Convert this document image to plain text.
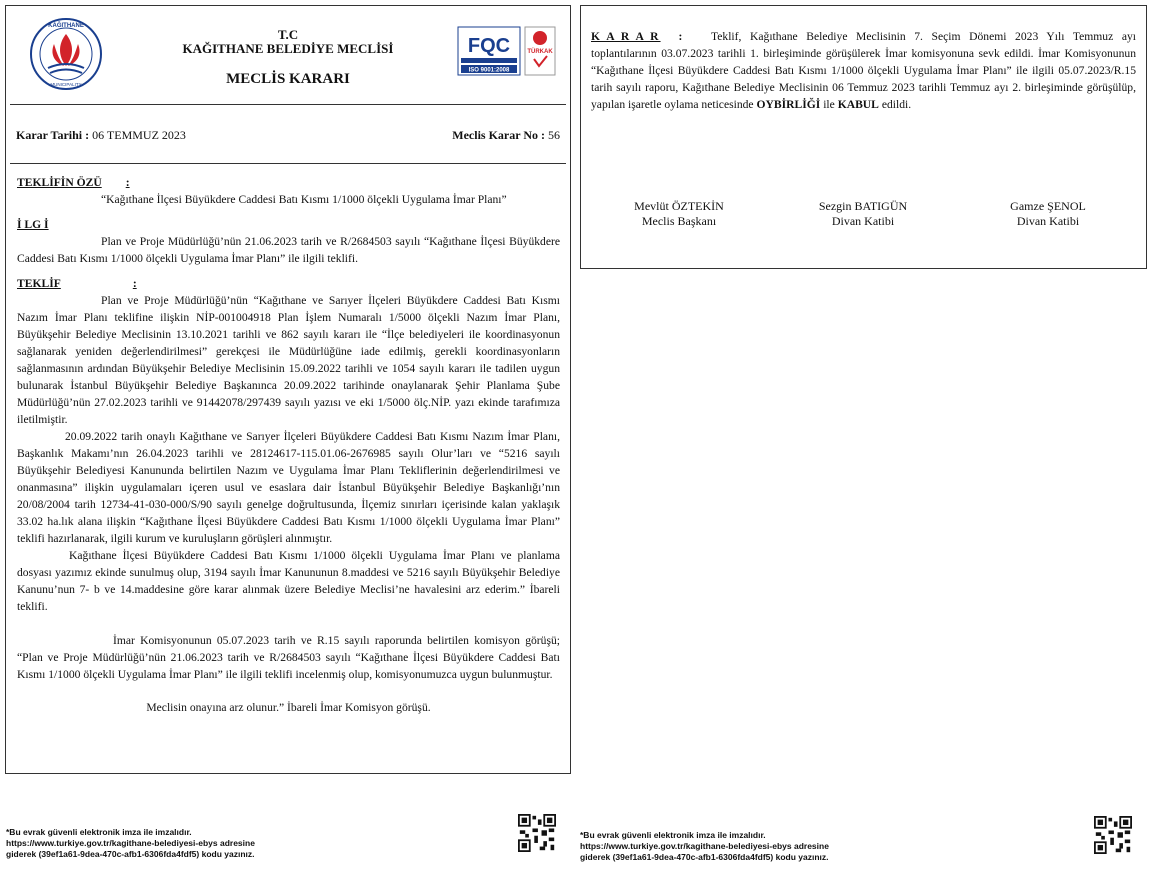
KAĞITHANE
MUNICIPALITY
T.C
KAĞITHANE BELEDİYE MECLİSİ
MECLİS KARARI
FQC
ISO 9001:2008
TÜRKAK
Karar Tarihi : 06 TEMMUZ 2023	Meclis Karar No : 56
TEKLİFİN ÖZÜ :

“Kağıthane İlçesi Büyükdere Caddesi Batı Kısmı 1/1000 ölçekli Uygulama İmar Planı”

İ LG İ

Plan ve Proje Müdürlüğü’nün 21.06.2023 tarih ve R/2684503 sayılı “Kağıthane İlçesi Büyükdere Caddesi Batı Kısmı 1/1000 ölçekli Uygulama İmar Planı” ile ilgili teklifi.

TEKLİF	:

Plan ve Proje Müdürlüğü’nün “Kağıthane ve Sarıyer İlçeleri Büyükdere Caddesi Batı Kısmı Nazım İmar Planı teklifine ilişkin NİP-001004918 Plan İşlem Numaralı 1/5000 ölçekli Nazım İmar Planı, Büyükşehir Belediye Meclisinin 13.10.2021 tarihli ve 862 sayılı kararı ile “İlçe belediyeleri ile koordinasyonun sağlanarak yeniden değerlendirilmesi” gerekçesi ile Müdürlüğüne iade edilmiş, gerekli koordinasyonların sağlanmasının ardından Büyükşehir Belediye Meclisinin 15.09.2022 tarihli ve 1054 sayılı kararı ile tadilen uygun bulunarak İstanbul Büyükşehir Belediye Başkanınca 20.09.2022 tarihinde onaylanarak Şehir Planlama Şube Müdürlüğü’nün 27.02.2023 tarihli ve 91442078/297439 sayılı yazısı ve eki 1/5000 ölç.NİP. yazı ekinde tarafımıza iletilmiştir.

20.09.2022 tarih onaylı Kağıthane ve Sarıyer İlçeleri Büyükdere Caddesi Batı Kısmı Nazım İmar Planı, Başkanlık Makamı’nın 26.04.2023 tarihli ve 28124617-115.01.06-2676985 sayılı Olur’ları ve “5216 sayılı Büyükşehir Belediyesi Kanununda belirtilen Nazım ve Uygulama İmar Planı Tekliflerinin değerlendirilmesi ve onanmasına” ilişkin uygulamaları içeren usul ve esaslara dair İstanbul Büyükşehir Belediye Başkanlığı’nın 20/08/2004 tarih 12734-41-030-000/S/90 sayılı genelge doğrultusunda, İlçemiz sınırları içerisinde kalan yaklaşık 33.02 ha.lık alana ilişkin “Kağıthane İlçesi Büyükdere Caddesi Batı Kısmı 1/1000 ölçekli Uygulama İmar Planı” teklifi hazırlanarak, ilgili kurum ve kuruluşların görüşleri alınmıştır.

Kağıthane İlçesi Büyükdere Caddesi Batı Kısmı 1/1000 ölçekli Uygulama İmar Planı ve planlama dosyası yazımız ekinde sunulmuş olup, 3194 sayılı İmar Kanununun 8.maddesi ve 5216 sayılı Büyükşehir Belediye Kanunu’nun 7- b ve 14.maddesine göre karar alınmak üzere Belediye Meclisi’ne havalesini arz ederim.” İbareli teklifi.

İmar Komisyonunun 05.07.2023 tarih ve R.15 sayılı raporunda belirtilen komisyon görüşü; “Plan ve Proje Müdürlüğü’nün 21.06.2023 tarih ve R/2684503 sayılı “Kağıthane İlçesi Büyükdere Caddesi Batı Kısmı 1/1000 ölçekli Uygulama İmar Planı” ile ilgili teklifi incelenmiş olup, komisyonumuzca uygun bulunmuştur.

Meclisin onayına arz olunur.” İbareli İmar Komisyon görüşü.

K A R A R :	Teklif, Kağıthane Belediye Meclisinin 7. Seçim Dönemi 2023 Yılı Temmuz ayı toplantılarının 03.07.2023 tarihli 1. birleşiminde görüşülerek İmar komisyonuna sevk edildi. İmar Komisyonunun “Kağıthane İlçesi Büyükdere Caddesi Batı Kısmı 1/1000 ölçekli Uygulama İmar Planı” ile ilgili 05.07.2023/R.15 tarih sayılı raporu, Kağıthane Belediye Meclisinin 06 Temmuz 2023 tarihli Temmuz ayı 2. birleşiminde görüşülüp, yapılan işaretle oylama neticesinde OYBİRLİĞİ ile KABUL edildi.

Mevlüt ÖZTEKİN
Meclis Başkanı
Sezgin BATIGÜN
Divan Katibi
Gamze ŞENOL
Divan Katibi
*Bu evrak güvenli elektronik imza ile imzalıdır.
https://www.turkiye.gov.tr/kagithane-belediyesi-ebys adresine
giderek (39ef1a61-9dea-470c-afb1-6306fda4fdf5) kodu yazınız.
*Bu evrak güvenli elektronik imza ile imzalıdır.
https://www.turkiye.gov.tr/kagithane-belediyesi-ebys adresine
giderek (39ef1a61-9dea-470c-afb1-6306fda4fdf5) kodu yazınız.
